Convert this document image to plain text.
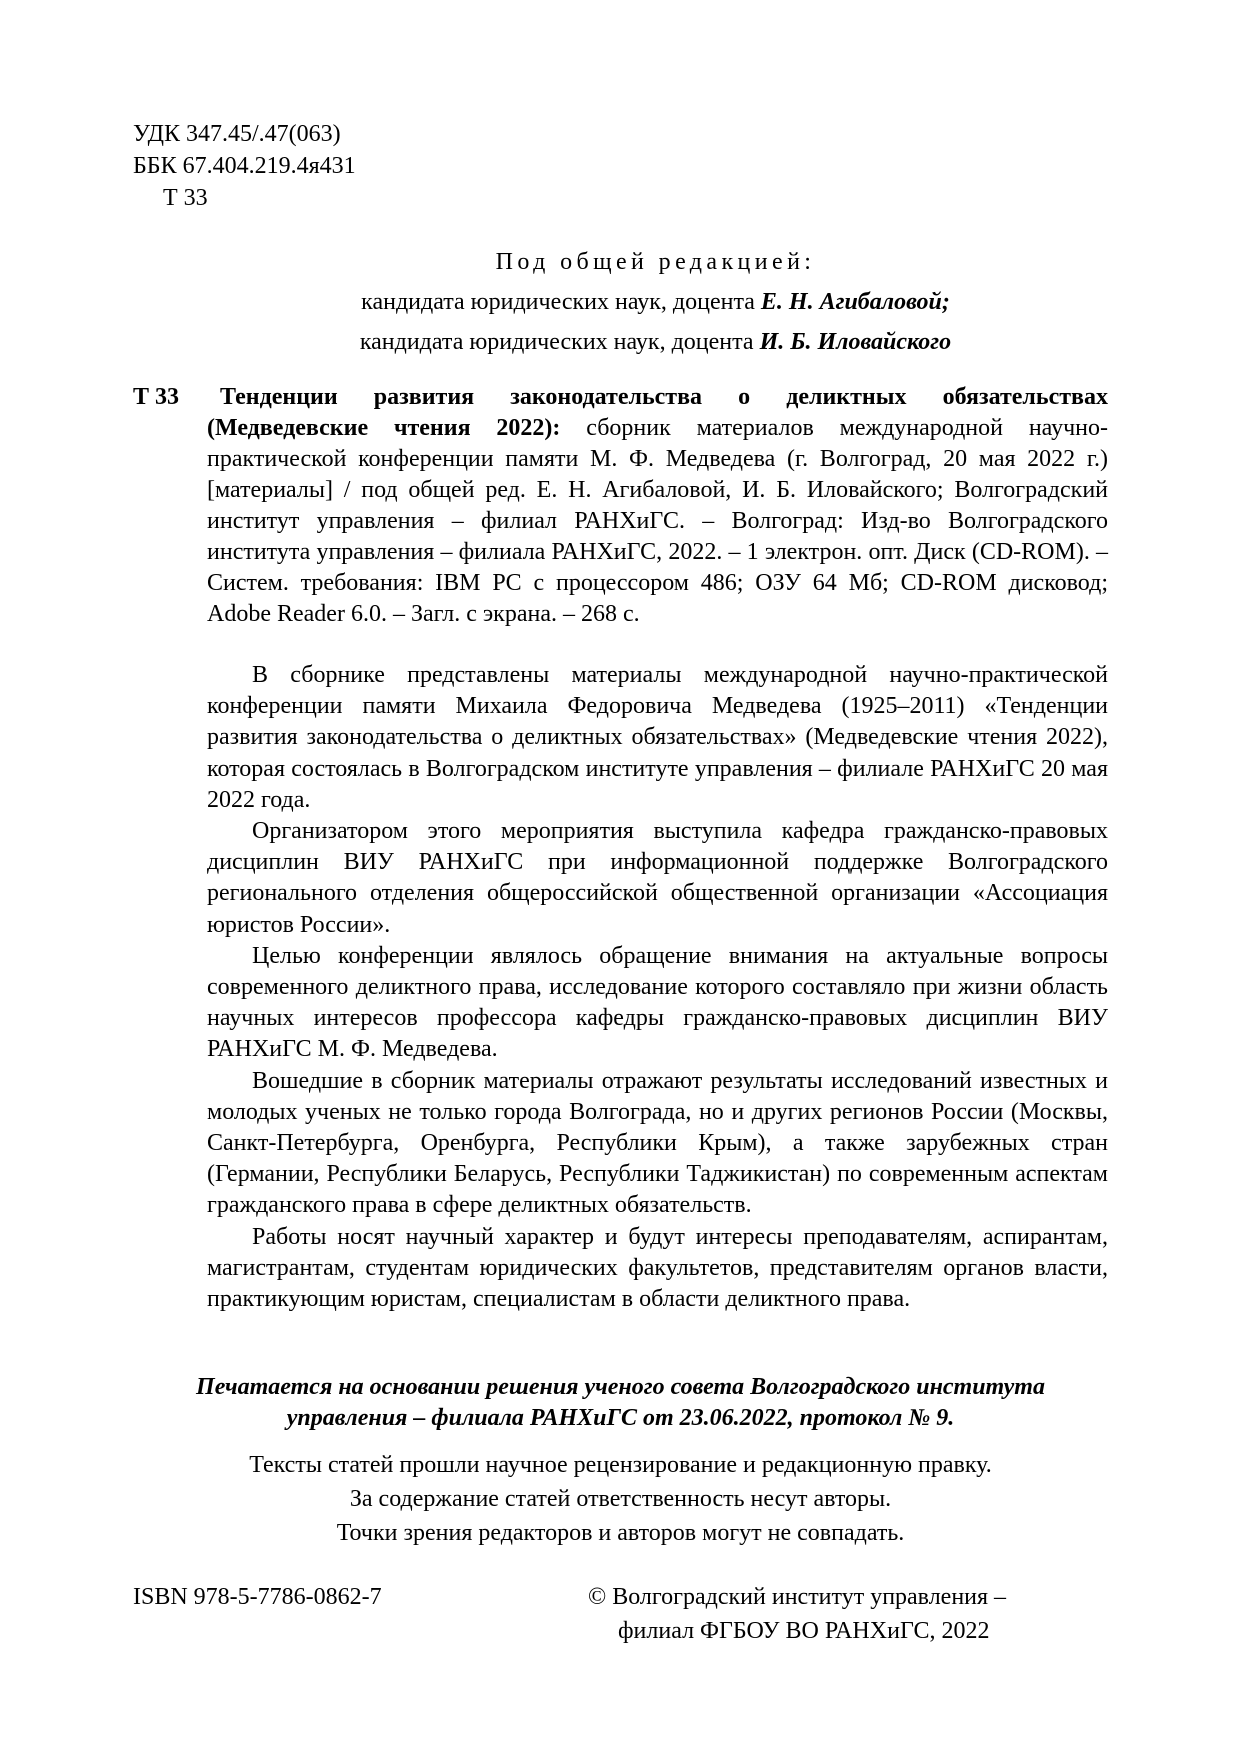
УДК 347.45/.47(063)
ББК 67.404.219.4я431
Т 33
Под общей редакцией:
кандидата юридических наук, доцента Е. Н. Агибаловой;
кандидата юридических наук, доцента И. Б. Иловайского
Т 33	Тенденции развития законодательства о деликтных обязательствах (Медведевские чтения 2022): сборник материалов международной научно-практической конференции памяти М. Ф. Медведева (г. Волгоград, 20 мая 2022 г.) [материалы] / под общей ред. Е. Н. Агибаловой, И. Б. Иловайского; Волгоградский институт управления – филиал РАНХиГС. – Волгоград: Изд-во Волгоградского института управления – филиала РАНХиГС, 2022. – 1 электрон. опт. Диск (CD-ROM). – Систем. требования: IBM PC с процессором 486; ОЗУ 64 Мб; CD-ROM дисковод; Adobe Reader 6.0. – Загл. с экрана. – 268 с.

В сборнике представлены материалы международной научно-практической конференции памяти Михаила Федоровича Медведева (1925–2011) «Тенденции развития законодательства о деликтных обязательствах» (Медведевские чтения 2022), которая состоялась в Волгоградском институте управления – филиале РАНХиГС 20 мая 2022 года.

Организатором этого мероприятия выступила кафедра гражданско-правовых дисциплин ВИУ РАНХиГС при информационной поддержке Волгоградского регионального отделения общероссийской общественной организации «Ассоциация юристов России».

Целью конференции являлось обращение внимания на актуальные вопросы современного деликтного права, исследование которого составляло при жизни область научных интересов профессора кафедры гражданско-правовых дисциплин ВИУ РАНХиГС М. Ф. Медведева.

Вошедшие в сборник материалы отражают результаты исследований известных и молодых ученых не только города Волгограда, но и других регионов России (Москвы, Санкт-Петербурга, Оренбурга, Республики Крым), а также зарубежных стран (Германии, Республики Беларусь, Республики Таджикистан) по современным аспектам гражданского права в сфере деликтных обязательств.

Работы носят научный характер и будут интересы преподавателям, аспирантам, магистрантам, студентам юридических факультетов, представителям органов власти, практикующим юристам, специалистам в области деликтного права.

Печатается на основании решения ученого совета Волгоградского института
управления – филиала РАНХиГС от 23.06.2022, протокол № 9.
Тексты статей прошли научное рецензирование и редакционную правку.
За содержание статей ответственность несут авторы.
Точки зрения редакторов и авторов могут не совпадать.
ISBN 978-5-7786-0862-7	© Волгоградский институт управления –
филиал ФГБОУ ВО РАНХиГС, 2022
